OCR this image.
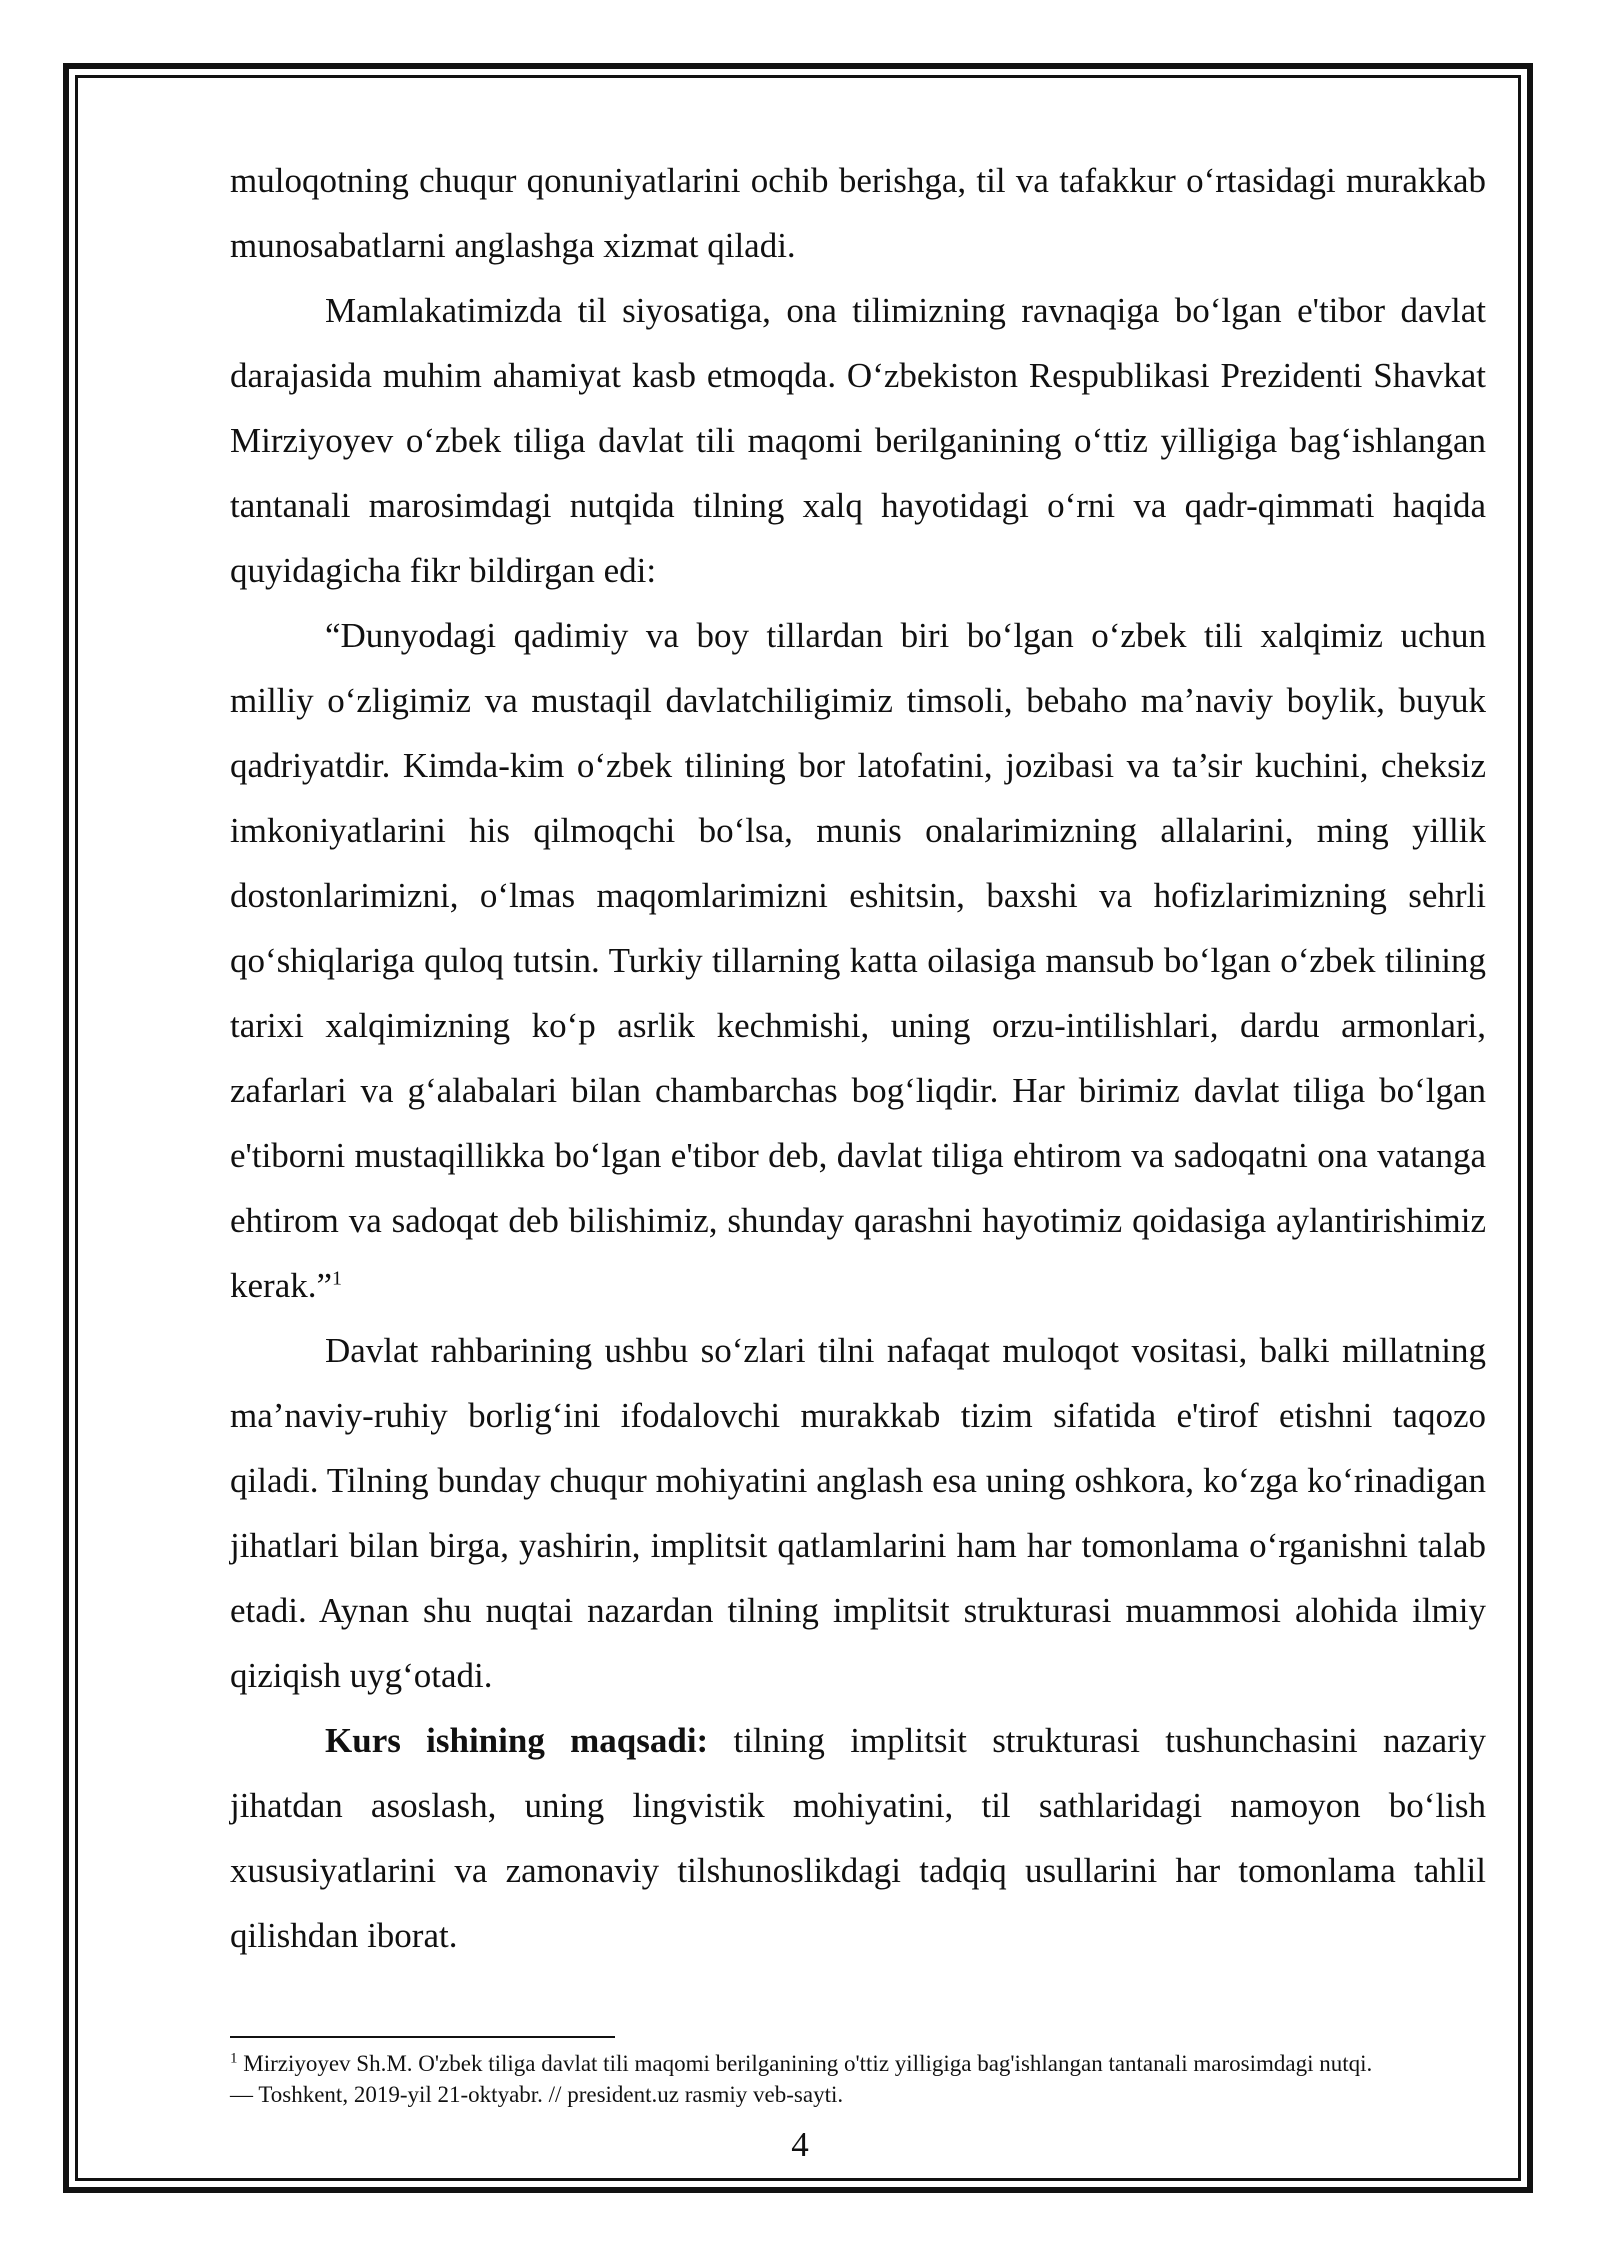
muloqotning chuqur qonuniyatlarini ochib berishga, til va tafakkur o‘rtasidagi murakkab munosabatlarni anglashga xizmat qiladi.

Mamlakatimizda til siyosatiga, ona tilimizning ravnaqiga bo‘lgan e'tibor davlat darajasida muhim ahamiyat kasb etmoqda. O‘zbekiston Respublikasi Prezidenti Shavkat Mirziyoyev o‘zbek tiliga davlat tili maqomi berilganining o‘ttiz yilligiga bag‘ishlangan tantanali marosimdagi nutqida tilning xalq hayotidagi o‘rni va qadr-qimmati haqida quyidagicha fikr bildirgan edi:

“Dunyodagi qadimiy va boy tillardan biri bo‘lgan o‘zbek tili xalqimiz uchun milliy o‘zligimiz va mustaqil davlatchiligimiz timsoli, bebaho ma’naviy boylik, buyuk qadriyatdir. Kimda-kim o‘zbek tilining bor latofatini, jozibasi va ta’sir kuchini, cheksiz imkoniyatlarini his qilmoqchi bo‘lsa, munis onalarimizning allalarini, ming yillik dostonlarimizni, o‘lmas maqomlarimizni eshitsin, baxshi va hofizlarimizning sehrli qo‘shiqlariga quloq tutsin. Turkiy tillarning katta oilasiga mansub bo‘lgan o‘zbek tilining tarixi xalqimizning ko‘p asrlik kechmishi, uning orzu-intilishlari, dardu armonlari, zafarlari va g‘alabalari bilan chambarchas bog‘liqdir. Har birimiz davlat tiliga bo‘lgan e'tiborni mustaqillikka bo‘lgan e'tibor deb, davlat tiliga ehtirom va sadoqatni ona vatanga ehtirom va sadoqat deb bilishimiz, shunday qarashni hayotimiz qoidasiga aylantirishimiz kerak.”$^1$

Davlat rahbarining ushbu so‘zlari tilni nafaqat muloqot vositasi, balki millatning ma’naviy-ruhiy borlig‘ini ifodalovchi murakkab tizim sifatida e'tirof etishni taqozo qiladi. Tilning bunday chuqur mohiyatini anglash esa uning oshkora, ko‘zga ko‘rinadigan jihatlari bilan birga, yashirin, implitsit qatlamlarini ham har tomonlama o‘rganishni talab etadi. Aynan shu nuqtai nazardan tilning implitsit strukturasi muammosi alohida ilmiy qiziqish uyg‘otadi.

Kurs ishining maqsadi: tilning implitsit strukturasi tushunchasini nazariy jihatdan asoslash, uning lingvistik mohiyatini, til sathlaridagi namoyon bo‘lish xususiyatlarini va zamonaviy tilshunoslikdagi tadqiq usullarini har tomonlama tahlil qilishdan iborat.

$^1$ Mirziyoyev Sh.M. O'zbek tiliga davlat tili maqomi berilganining o'ttiz yilligiga bag'ishlangan tantanali marosimdagi nutqi. — Toshkent, 2019-yil 21-oktyabr. // president.uz rasmiy veb-sayti.
4
